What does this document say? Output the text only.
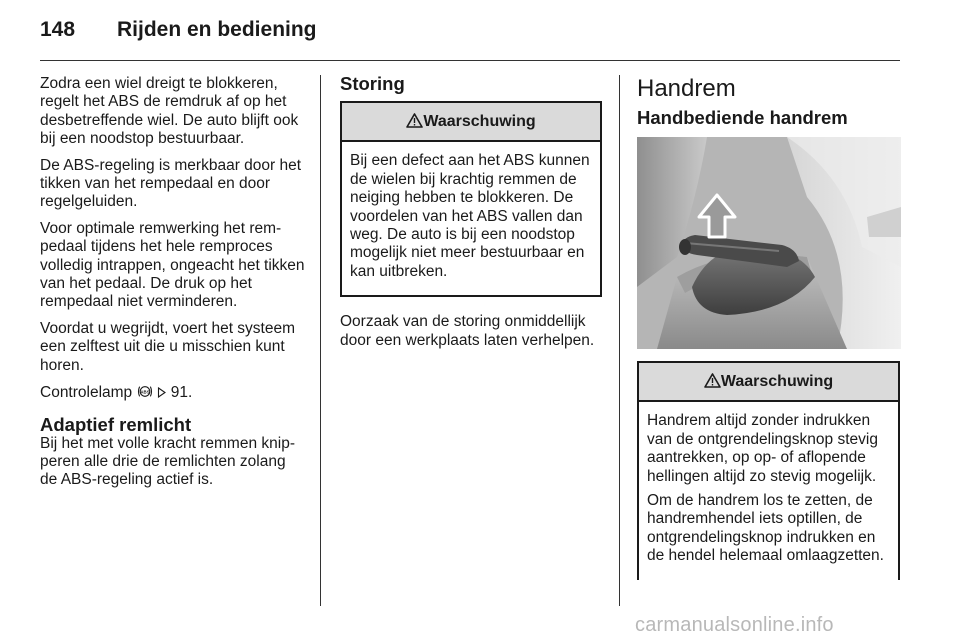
148 Rijden en bediening

Zodra een wiel dreigt te blokkeren, regelt het ABS de remdruk af op het desbetreffende wiel. De auto blijft ook bij een noodstop bestuurbaar.

De ABS-regeling is merkbaar door het tikken van het rempedaal en door regelgeluiden.

Voor optimale remwerking het rempedaal tijdens het hele remproces volledig intrappen, ongeacht het tikken van het pedaal. De druk op het rempedaal niet verminderen.

Voordat u wegrijdt, voert het systeem een zelftest uit die u misschien kunt horen.

Controlelamp ABS 91.

Adaptief remlicht

Bij het met volle kracht remmen knipperen alle drie de remlichten zolang de ABS-regeling actief is.

Storing
Waarschuwing

Bij een defect aan het ABS kunnen de wielen bij krachtig remmen de neiging hebben te blokkeren. De voordelen van het ABS vallen dan weg. De auto is bij een noodstop mogelijk niet meer bestuurbaar en kan uitbreken.

Oorzaak van de storing onmiddellijk door een werkplaats laten verhelpen.

Handrem
Handbediende handrem
Waarschuwing

Handrem altijd zonder indrukken van de ontgrendelingsknop stevig aantrekken, op op- of aflopende hellingen altijd zo stevig mogelijk.

Om de handrem los te zetten, de handremhendel iets optillen, de ontgrendelingsknop indrukken en de hendel helemaal omlaagzetten.

carmanualsonline.info
